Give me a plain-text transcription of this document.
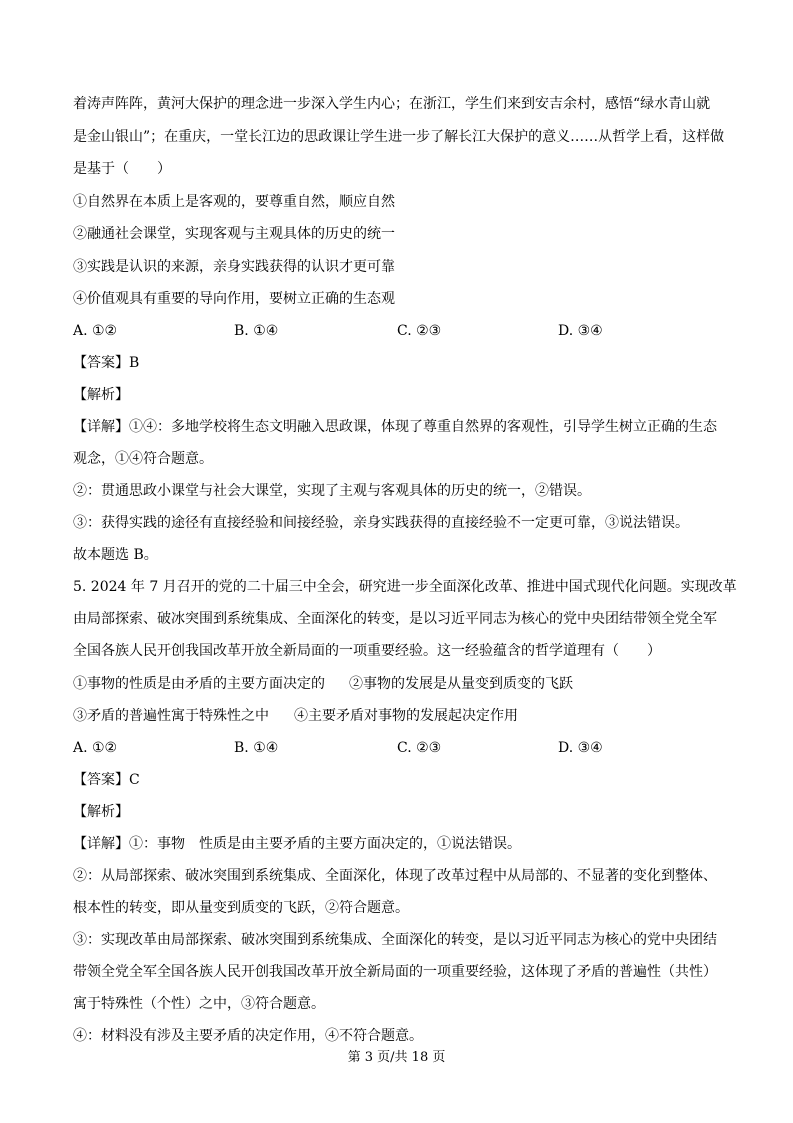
着涛声阵阵，黄河大保护的理念进一步深入学生内心；在浙江，学生们来到安吉余村，感悟“绿水青山就
是金山银山”；在重庆，一堂长江边的思政课让学生进一步了解长江大保护的意义……从哲学上看，这样做
是基于（　　）
①自然界在本质上是客观的，要尊重自然，顺应自然
②融通社会课堂，实现客观与主观具体的历史的统一
③实践是认识的来源，亲身实践获得的认识才更可靠
④价值观具有重要的导向作用，要树立正确的生态观
A. ①②	B. ①④	C. ②③	D. ③④
【答案】B
【解析】
【详解】①④：多地学校将生态文明融入思政课，体现了尊重自然界的客观性，引导学生树立正确的生态
观念，①④符合题意。
②：贯通思政小课堂与社会大课堂，实现了主观与客观具体的历史的统一，②错误。
③：获得实践的途径有直接经验和间接经验，亲身实践获得的直接经验不一定更可靠，③说法错误。
故本题选 B。
5. 2024 年 7 月召开的党的二十届三中全会，研究进一步全面深化改革、推进中国式现代化问题。实现改革
由局部探索、破冰突围到系统集成、全面深化的转变，是以习近平同志为核心的党中央团结带领全党全军
全国各族人民开创我国改革开放全新局面的一项重要经验。这一经验蕴含的哲学道理有（　　）
①事物的性质是由矛盾的主要方面决定的 ②事物的发展是从量变到质变的飞跃
③矛盾的普遍性寓于特殊性之中 ④主要矛盾对事物的发展起决定作用
A. ①②	B. ①④	C. ②③	D. ③④
【答案】C
【解析】
【详解】①：事物　性质是由主要矛盾的主要方面决定的，①说法错误。
②：从局部探索、破冰突围到系统集成、全面深化，体现了改革过程中从局部的、不显著的变化到整体、
根本性的转变，即从量变到质变的飞跃，②符合题意。
③：实现改革由局部探索、破冰突围到系统集成、全面深化的转变，是以习近平同志为核心的党中央团结
带领全党全军全国各族人民开创我国改革开放全新局面的一项重要经验，这体现了矛盾的普遍性（共性）
寓于特殊性（个性）之中，③符合题意。
④：材料没有涉及主要矛盾的决定作用，④不符合题意。
第 3 页/共 18 页
